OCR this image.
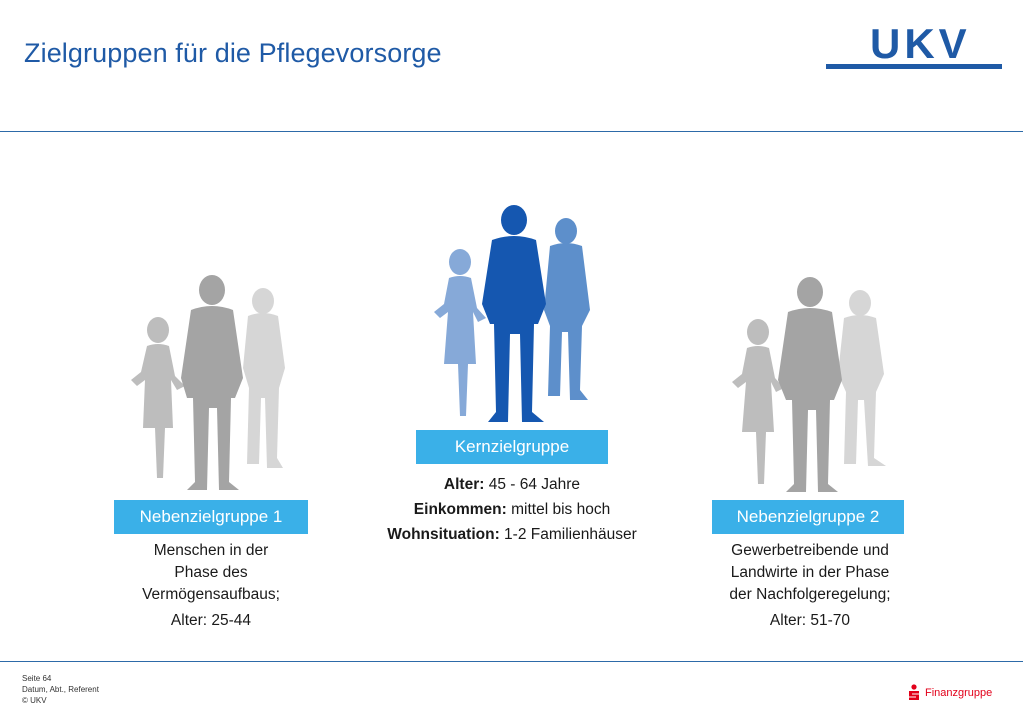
Zielgruppen für die Pflegevorsorge	UKV
Nebenzielgruppe 1
Kernzielgruppe
Nebenzielgruppe 2
Menschen in der
Phase des
Vermögensaufbaus;
Alter: 25-44
Alter: 45 - 64 Jahre
Einkommen: mittel bis hoch
Wohnsituation: 1-2 Familienhäuser
Gewerbetreibende und
Landwirte in der Phase
der Nachfolgeregelung;
Alter: 51-70
Seite 64
Datum, Abt., Referent
© UKV
Finanzgruppe
